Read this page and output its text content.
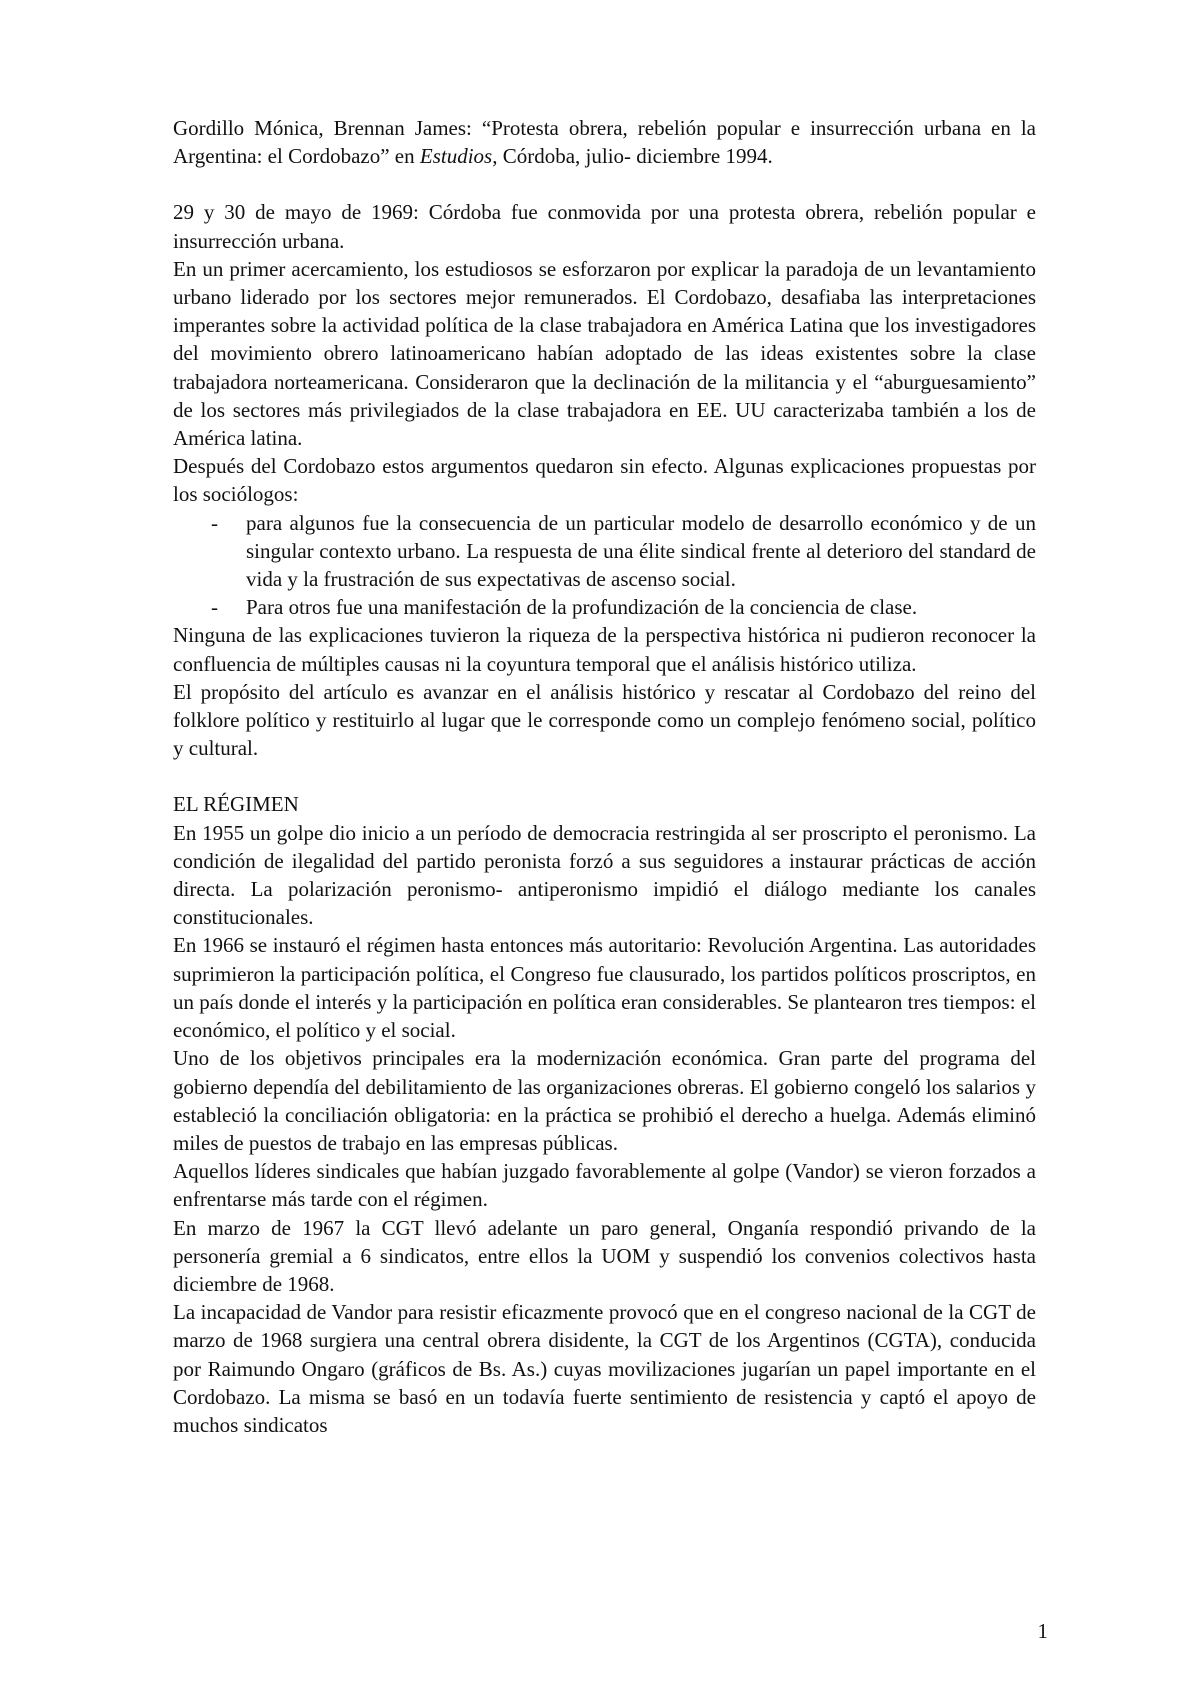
Gordillo Mónica, Brennan James: “Protesta obrera, rebelión popular e insurrección urbana en la Argentina: el Cordobazo” en Estudios, Córdoba, julio- diciembre 1994.

29 y 30 de mayo de 1969: Córdoba fue conmovida por una protesta obrera, rebelión popular e insurrección urbana.

En un primer acercamiento, los estudiosos se esforzaron por explicar la paradoja de un levantamiento urbano liderado por los sectores mejor remunerados. El Cordobazo, desafiaba las interpretaciones imperantes sobre la actividad política de la clase trabajadora en América Latina que los investigadores del movimiento obrero latinoamericano habían adoptado de las ideas existentes sobre la clase trabajadora norteamericana. Consideraron que la declinación de la militancia y el “aburguesamiento” de los sectores más privilegiados de la clase trabajadora en EE. UU caracterizaba también a los de América latina.

Después del Cordobazo estos argumentos quedaron sin efecto. Algunas explicaciones propuestas por los sociólogos:

- para algunos fue la consecuencia de un particular modelo de desarrollo económico y de un singular contexto urbano. La respuesta de una élite sindical frente al deterioro del standard de vida y la frustración de sus expectativas de ascenso social.
- Para otros fue una manifestación de la profundización de la conciencia de clase.

Ninguna de las explicaciones tuvieron la riqueza de la perspectiva histórica ni pudieron reconocer la confluencia de múltiples causas ni la coyuntura temporal que el análisis histórico utiliza.

El propósito del artículo es avanzar en el análisis histórico y rescatar al Cordobazo del reino del folklore político y restituirlo al lugar que le corresponde como un complejo fenómeno social, político y cultural.

EL RÉGIMEN

En 1955 un golpe dio inicio a un período de democracia restringida al ser proscripto el peronismo. La condición de ilegalidad del partido peronista forzó a sus seguidores a instaurar prácticas de acción directa. La polarización peronismo- antiperonismo impidió el diálogo mediante los canales constitucionales.

En 1966 se instauró el régimen hasta entonces más autoritario: Revolución Argentina. Las autoridades suprimieron la participación política, el Congreso fue clausurado, los partidos políticos proscriptos, en un país donde el interés y la participación en política eran considerables. Se plantearon tres tiempos: el económico, el político y el social.

Uno de los objetivos principales era la modernización económica. Gran parte del programa del gobierno dependía del debilitamiento de las organizaciones obreras. El gobierno congeló los salarios y estableció la conciliación obligatoria: en la práctica se prohibió el derecho a huelga. Además eliminó miles de puestos de trabajo en las empresas públicas.

Aquellos líderes sindicales que habían juzgado favorablemente al golpe (Vandor) se vieron forzados a enfrentarse más tarde con el régimen.

En marzo de 1967 la CGT llevó adelante un paro general, Onganía respondió privando de la personería gremial a 6 sindicatos, entre ellos la UOM y suspendió los convenios colectivos hasta diciembre de 1968.

La incapacidad de Vandor para resistir eficazmente provocó que en el congreso nacional de la CGT de marzo de 1968 surgiera una central obrera disidente, la CGT de los Argentinos (CGTA), conducida por Raimundo Ongaro (gráficos de Bs. As.) cuyas movilizaciones jugarían un papel importante en el Cordobazo. La misma se basó en un todavía fuerte sentimiento de resistencia y captó el apoyo de muchos sindicatos

1
